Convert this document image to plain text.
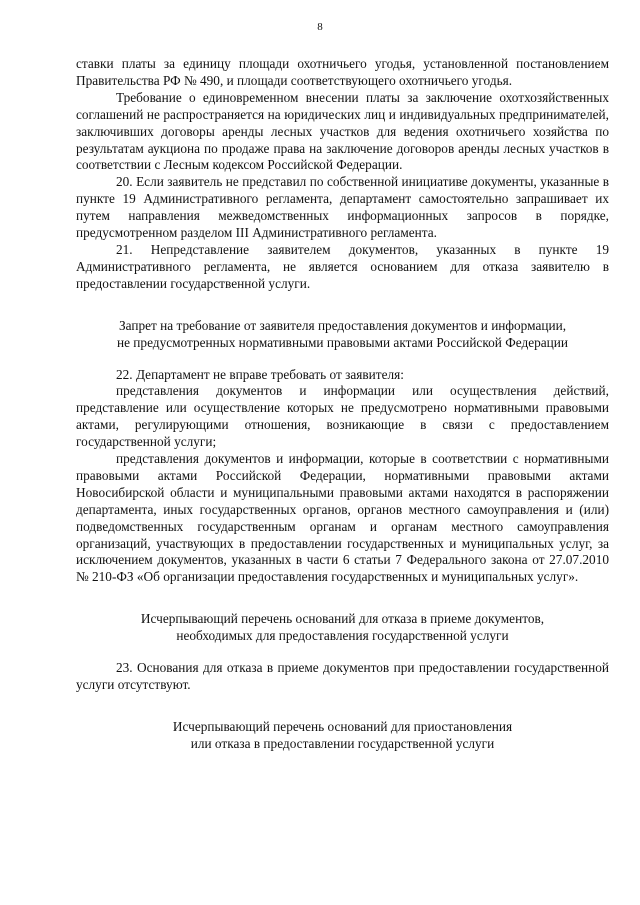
8

ставки платы за единицу площади охотничьего угодья, установленной постановлением Правительства РФ № 490, и площади соответствующего охотничьего угодья.

Требование о единовременном внесении платы за заключение охотхозяйственных соглашений не распространяется на юридических лиц и индивидуальных предпринимателей, заключивших договоры аренды лесных участков для ведения охотничьего хозяйства по результатам аукциона по продаже права на заключение договоров аренды лесных участков в соответствии с Лесным кодексом Российской Федерации.

20. Если заявитель не представил по собственной инициативе документы, указанные в пункте 19 Административного регламента, департамент самостоятельно запрашивает их путем направления межведомственных информационных запросов в порядке, предусмотренном разделом III Административного регламента.

21. Непредставление заявителем документов, указанных в пункте 19 Административного регламента, не является основанием для отказа заявителю в предоставлении государственной услуги.

Запрет на требование от заявителя предоставления документов и информации,

не предусмотренных нормативными правовыми актами Российской Федерации

22. Департамент не вправе требовать от заявителя:

представления документов и информации или осуществления действий, представление или осуществление которых не предусмотрено нормативными правовыми актами, регулирующими отношения, возникающие в связи с предоставлением государственной услуги;

представления документов и информации, которые в соответствии с нормативными правовыми актами Российской Федерации, нормативными правовыми актами Новосибирской области и муниципальными правовыми актами находятся в распоряжении департамента, иных государственных органов, органов местного самоуправления и (или) подведомственных государственным органам и органам местного самоуправления организаций, участвующих в предоставлении государственных и муниципальных услуг, за исключением документов, указанных в части 6 статьи 7 Федерального закона от 27.07.2010 № 210-ФЗ «Об организации предоставления государственных и муниципальных услуг».

Исчерпывающий перечень оснований для отказа в приеме документов,

необходимых для предоставления государственной услуги

23. Основания для отказа в приеме документов при предоставлении государственной услуги отсутствуют.

Исчерпывающий перечень оснований для приостановления

или отказа в предоставлении государственной услуги
